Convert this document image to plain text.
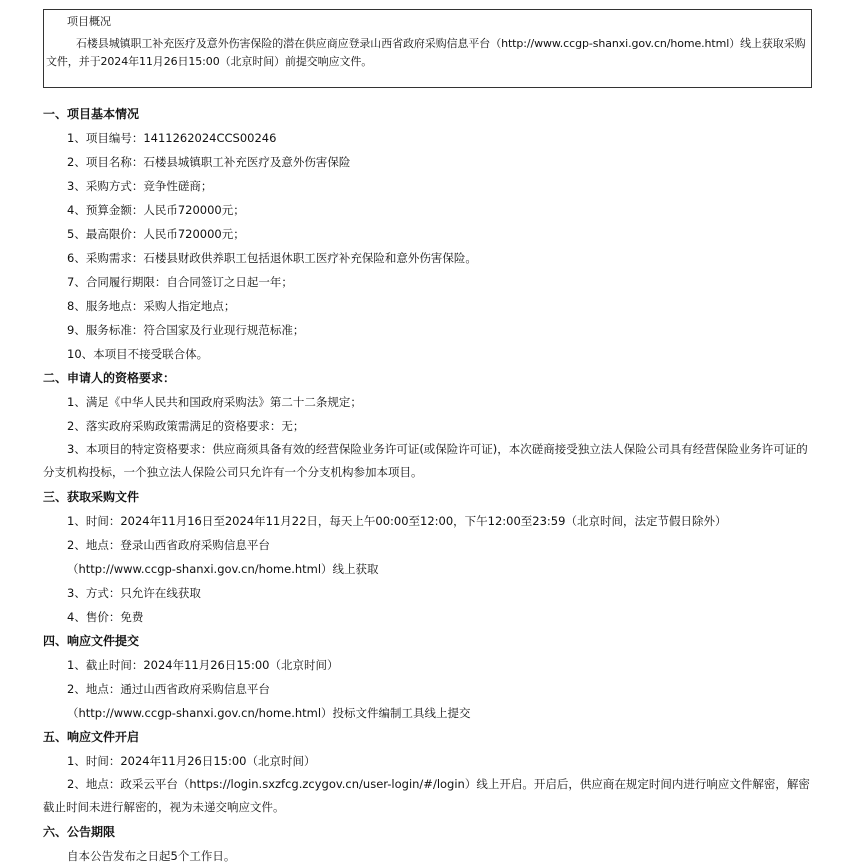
项目概况
石楼县城镇职工补充医疗及意外伤害保险的潜在供应商应登录山西省政府采购信息平台（http://www.ccgp-shanxi.gov.cn/home.html）线上获取采购文件，并于2024年11月26日15:00（北京时间）前提交响应文件。
一、项目基本情况
1、项目编号：1411262024CCS00246
2、项目名称：石楼县城镇职工补充医疗及意外伤害保险
3、采购方式：竞争性磋商；
4、预算金额：人民币720000元；
5、最高限价：人民币720000元；
6、采购需求：石楼县财政供养职工包括退休职工医疗补充保险和意外伤害保险。
7、合同履行期限：自合同签订之日起一年；
8、服务地点：采购人指定地点；
9、服务标准：符合国家及行业现行规范标准；
10、本项目不接受联合体。
二、申请人的资格要求：
1、满足《中华人民共和国政府采购法》第二十二条规定；
2、落实政府采购政策需满足的资格要求：无；
3、本项目的特定资格要求：供应商须具备有效的经营保险业务许可证(或保险许可证)，本次磋商接受独立法人保险公司具有经营保险业务许可证的分支机构投标，一个独立法人保险公司只允许有一个分支机构参加本项目。
三、获取采购文件
1、时间：2024年11月16日至2024年11月22日，每天上午00:00至12:00，下午12:00至23:59（北京时间，法定节假日除外）
2、地点：登录山西省政府采购信息平台
（http://www.ccgp-shanxi.gov.cn/home.html）线上获取
3、方式：只允许在线获取
4、售价：免费
四、响应文件提交
1、截止时间：2024年11月26日15:00（北京时间）
2、地点：通过山西省政府采购信息平台
（http://www.ccgp-shanxi.gov.cn/home.html）投标文件编制工具线上提交
五、响应文件开启
1、时间：2024年11月26日15:00（北京时间）
2、地点：政采云平台（https://login.sxzfcg.zcygov.cn/user-login/#/login）线上开启。开启后，供应商在规定时间内进行响应文件解密，解密截止时间未进行解密的，视为未递交响应文件。
六、公告期限
自本公告发布之日起5个工作日。
